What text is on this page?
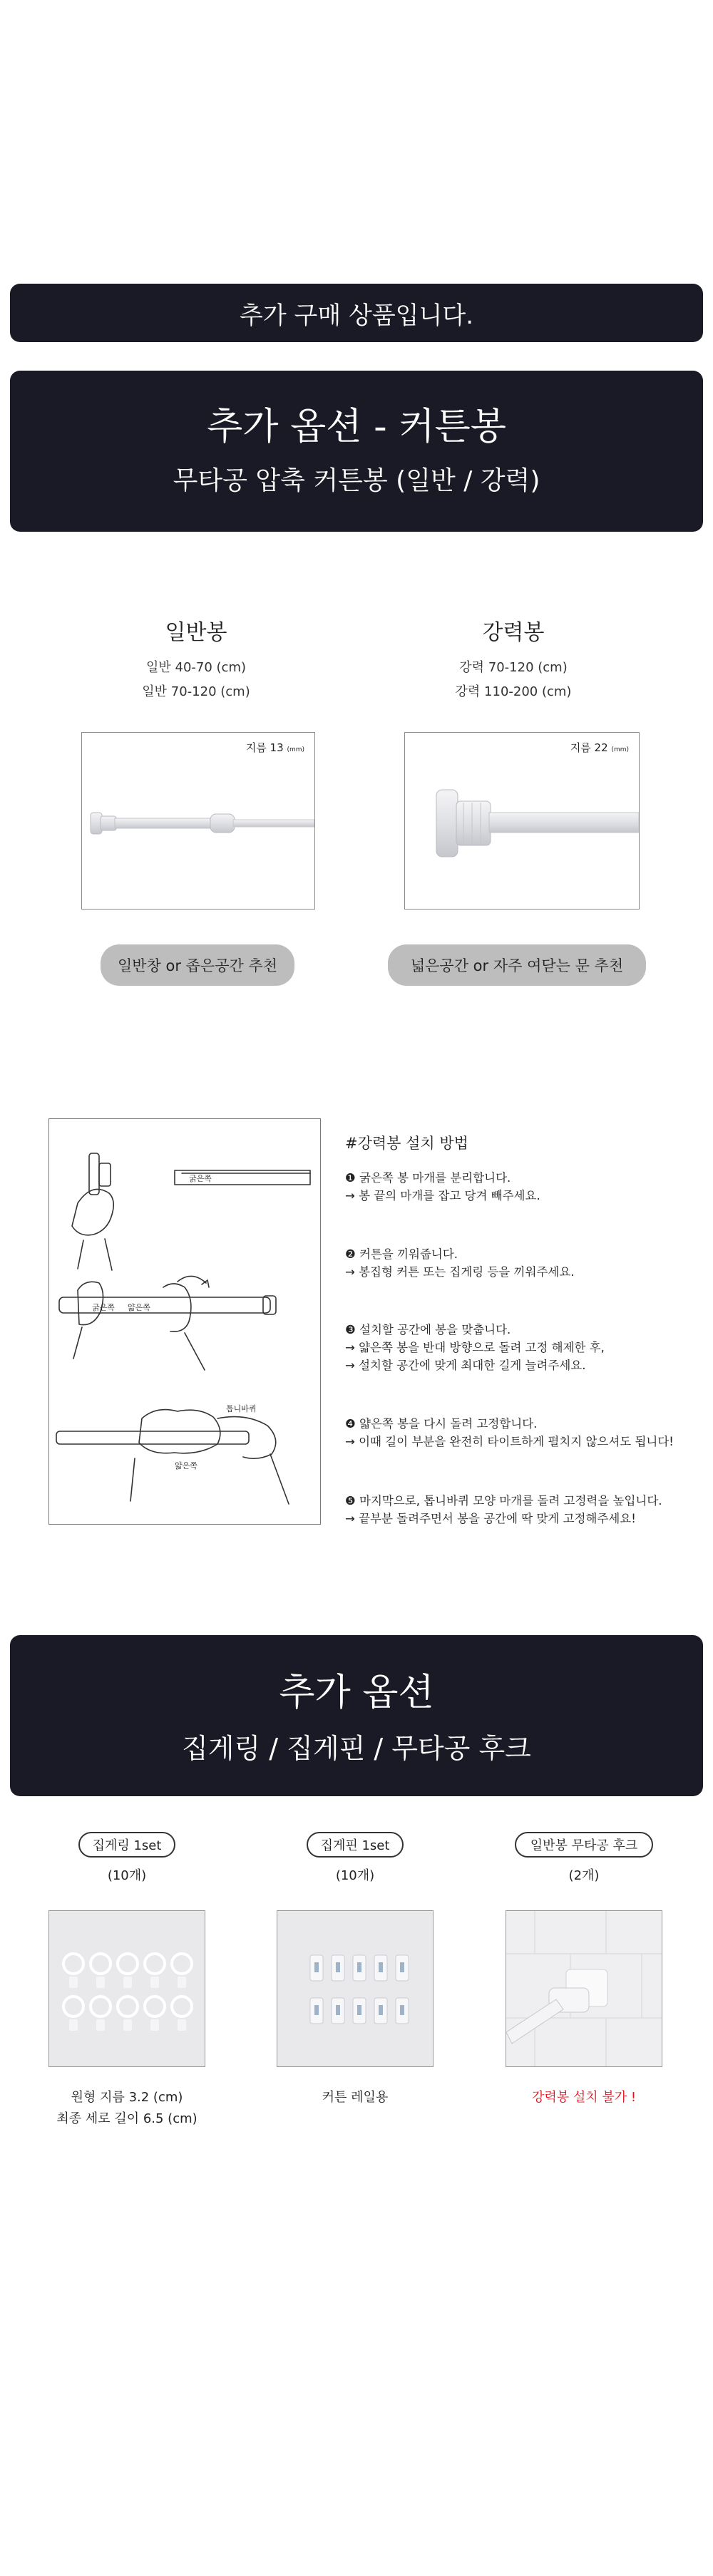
추가 구매 상품입니다.
추가 옵션 - 커튼봉
무타공 압축 커튼봉 (일반 / 강력)
일반봉
일반 40-70 (cm)
일반 70-120 (cm)
지름 13 (mm)
일반창 or 좁은공간 추천
강력봉
강력 70-120 (cm)
강력 110-200 (cm)
지름 22 (mm)
넓은공간 or 자주 여닫는 문 추천
굵은쪽
얇은쪽
굵은쪽
톱니바퀴
얇은쪽
#강력봉 설치 방법
❶ 굵은쪽 봉 마개를 분리합니다.
→ 봉 끝의 마개를 잡고 당겨 빼주세요.
❷ 커튼을 끼워줍니다.
→ 봉집형 커튼 또는 집게링 등을 끼워주세요.
❸ 설치할 공간에 봉을 맞춥니다.
→ 얇은쪽 봉을 반대 방향으로 돌려 고정 해제한 후,
→ 설치할 공간에 맞게 최대한 길게 늘려주세요.
❹ 얇은쪽 봉을 다시 돌려 고정합니다.
→ 이때 길이 부분을 완전히 타이트하게 펼치지 않으셔도 됩니다!
❺ 마지막으로, 톱니바퀴 모양 마개를 돌려 고정력을 높입니다.
→ 끝부분 돌려주면서 봉을 공간에 딱 맞게 고정해주세요!
추가 옵션
집게링 / 집게핀 / 무타공 후크
집게링 1set
(10개)
원형 지름 3.2 (cm)
최종 세로 길이 6.5 (cm)
집게핀 1set
(10개)
커튼 레일용
일반봉 무타공 후크
(2개)
강력봉 설치 불가 !
